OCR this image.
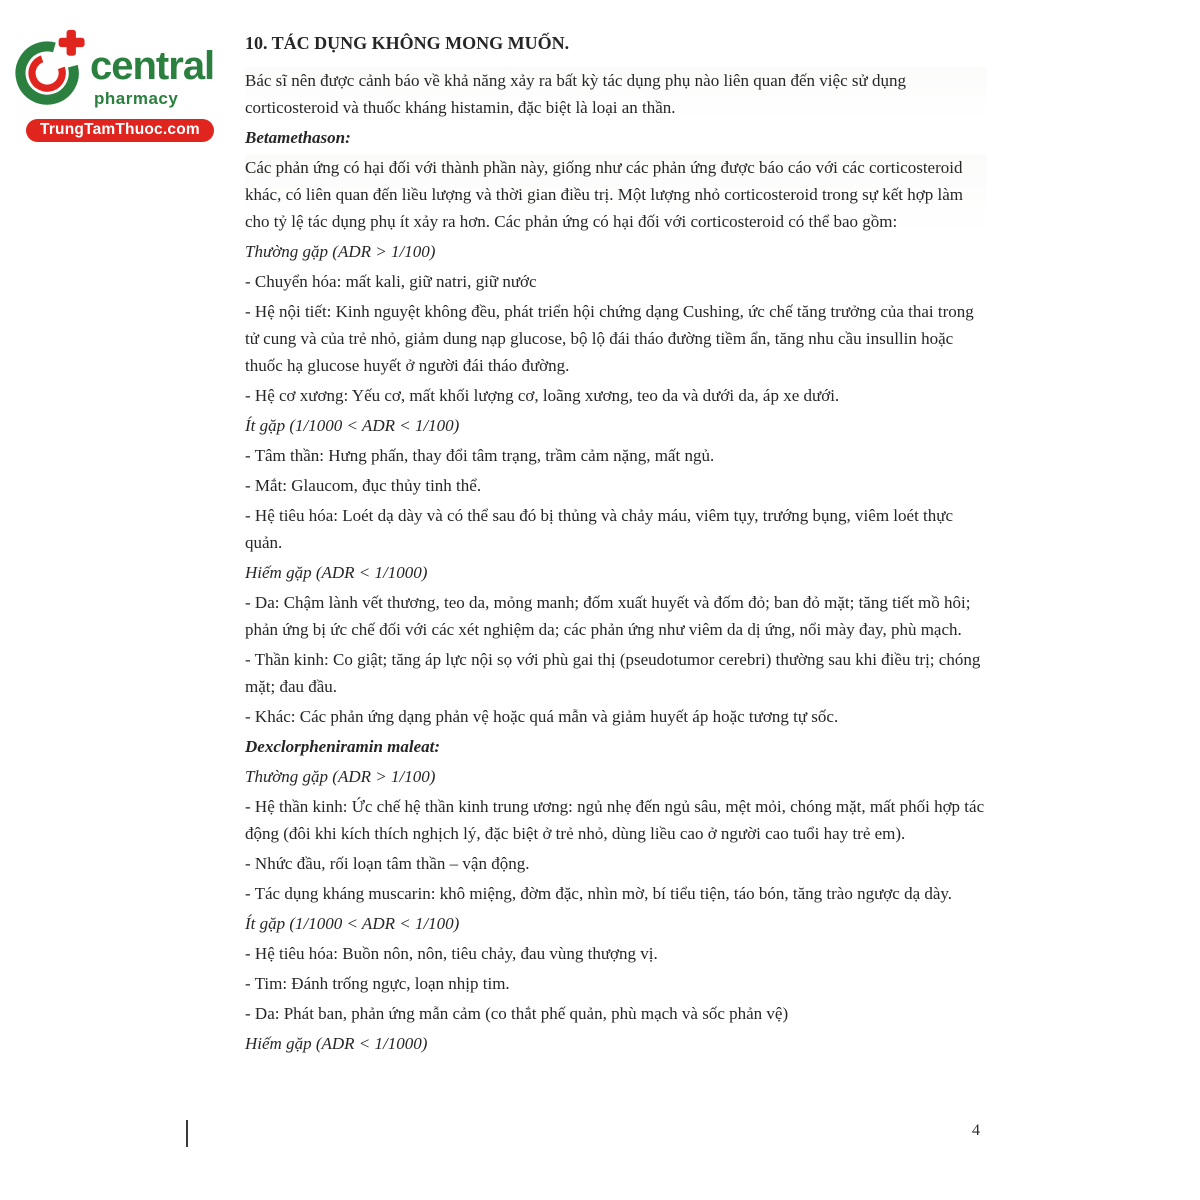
central
pharmacy
TrungTamThuoc.com

10. TÁC DỤNG KHÔNG MONG MUỐN.

Bác sĩ nên được cảnh báo về khả năng xảy ra bất kỳ tác dụng phụ nào liên quan đến việc sử dụng corticosteroid và thuốc kháng histamin, đặc biệt là loại an thần.

Betamethason:

Các phản ứng có hại đối với thành phần này, giống như các phản ứng được báo cáo với các corticosteroid khác, có liên quan đến liều lượng và thời gian điều trị. Một lượng nhỏ corticosteroid trong sự kết hợp làm cho tỷ lệ tác dụng phụ ít xảy ra hơn. Các phản ứng có hại đối với corticosteroid có thể bao gồm:

Thường gặp (ADR > 1/100)

- Chuyển hóa: mất kali, giữ natri, giữ nước

- Hệ nội tiết: Kinh nguyệt không đều, phát triển hội chứng dạng Cushing, ức chế tăng trưởng của thai trong tử cung và của trẻ nhỏ, giảm dung nạp glucose, bộ lộ đái tháo đường tiềm ẩn, tăng nhu cầu insullin hoặc thuốc hạ glucose huyết ở người đái tháo đường.

- Hệ cơ xương: Yếu cơ, mất khối lượng cơ, loãng xương, teo da và dưới da, áp xe dưới.

Ít gặp (1/1000 < ADR < 1/100)

- Tâm thần: Hưng phấn, thay đổi tâm trạng, trầm cảm nặng, mất ngủ.

- Mắt: Glaucom, đục thủy tinh thể.

- Hệ tiêu hóa: Loét dạ dày và có thể sau đó bị thủng và chảy máu, viêm tụy, trướng bụng, viêm loét thực quản.

Hiếm gặp (ADR < 1/1000)

- Da: Chậm lành vết thương, teo da, mỏng manh; đốm xuất huyết và đốm đỏ; ban đỏ mặt; tăng tiết mồ hôi; phản ứng bị ức chế đối với các xét nghiệm da; các phản ứng như viêm da dị ứng, nổi mày đay, phù mạch.

- Thần kinh: Co giật; tăng áp lực nội sọ với phù gai thị (pseudotumor cerebri) thường sau khi điều trị; chóng mặt; đau đầu.

- Khác: Các phản ứng dạng phản vệ hoặc quá mẫn và giảm huyết áp hoặc tương tự sốc.

Dexclorpheniramin maleat:

Thường gặp (ADR > 1/100)

- Hệ thần kinh: Ức chế hệ thần kinh trung ương: ngủ nhẹ đến ngủ sâu, mệt mỏi, chóng mặt, mất phối hợp tác động (đôi khi kích thích nghịch lý, đặc biệt ở trẻ nhỏ, dùng liều cao ở người cao tuổi hay trẻ em).

- Nhức đầu, rối loạn tâm thần – vận động.

- Tác dụng kháng muscarin: khô miệng, đờm đặc, nhìn mờ, bí tiểu tiện, táo bón, tăng trào ngược dạ dày.

Ít gặp (1/1000 < ADR < 1/100)

- Hệ tiêu hóa: Buồn nôn, nôn, tiêu chảy, đau vùng thượng vị.

- Tim: Đánh trống ngực, loạn nhịp tim.

- Da: Phát ban, phản ứng mẫn cảm (co thắt phế quản, phù mạch và sốc phản vệ)

Hiếm gặp (ADR < 1/1000)

4
